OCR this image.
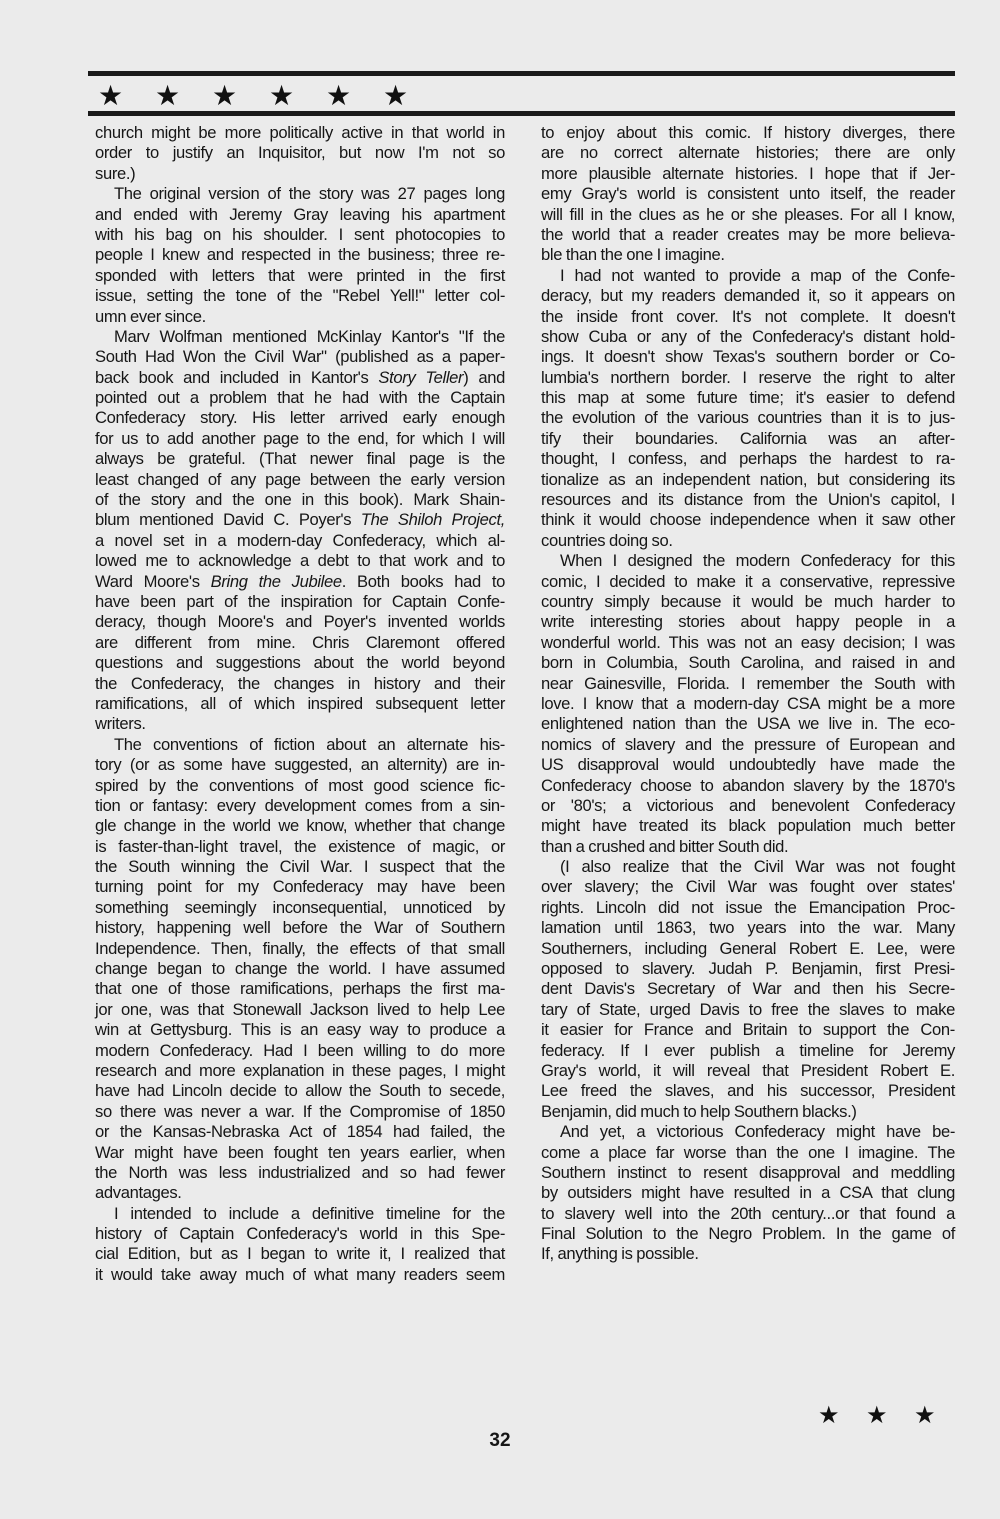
★	★	★	★	★	★
church might be more politically active in that world in
order to justify an Inquisitor, but now I'm not so
sure.)
The original version of the story was 27 pages long
and ended with Jeremy Gray leaving his apartment
with his bag on his shoulder. I sent photocopies to
people I knew and respected in the business; three re-
sponded with letters that were printed in the first
issue, setting the tone of the "Rebel Yell!" letter col-
umn ever since.
Marv Wolfman mentioned McKinlay Kantor's "If the
South Had Won the Civil War" (published as a paper-
back book and included in Kantor's Story Teller) and
pointed out a problem that he had with the Captain
Confederacy story. His letter arrived early enough
for us to add another page to the end, for which I will
always be grateful. (That newer final page is the
least changed of any page between the early version
of the story and the one in this book). Mark Shain-
blum mentioned David C. Poyer's The Shiloh Project,
a novel set in a modern-day Confederacy, which al-
lowed me to acknowledge a debt to that work and to
Ward Moore's Bring the Jubilee. Both books had to
have been part of the inspiration for Captain Confe-
deracy, though Moore's and Poyer's invented worlds
are different from mine. Chris Claremont offered
questions and suggestions about the world beyond
the Confederacy, the changes in history and their
ramifications, all of which inspired subsequent letter
writers.
The conventions of fiction about an alternate his-
tory (or as some have suggested, an alternity) are in-
spired by the conventions of most good science fic-
tion or fantasy: every development comes from a sin-
gle change in the world we know, whether that change
is faster-than-light travel, the existence of magic, or
the South winning the Civil War. I suspect that the
turning point for my Confederacy may have been
something seemingly inconsequential, unnoticed by
history, happening well before the War of Southern
Independence. Then, finally, the effects of that small
change began to change the world. I have assumed
that one of those ramifications, perhaps the first ma-
jor one, was that Stonewall Jackson lived to help Lee
win at Gettysburg. This is an easy way to produce a
modern Confederacy. Had I been willing to do more
research and more explanation in these pages, I might
have had Lincoln decide to allow the South to secede,
so there was never a war. If the Compromise of 1850
or the Kansas-Nebraska Act of 1854 had failed, the
War might have been fought ten years earlier, when
the North was less industrialized and so had fewer
advantages.
I intended to include a definitive timeline for the
history of Captain Confederacy's world in this Spe-
cial Edition, but as I began to write it, I realized that
it would take away much of what many readers seem
to enjoy about this comic. If history diverges, there
are no correct alternate histories; there are only
more plausible alternate histories. I hope that if Jer-
emy Gray's world is consistent unto itself, the reader
will fill in the clues as he or she pleases. For all I know,
the world that a reader creates may be more believa-
ble than the one I imagine.
I had not wanted to provide a map of the Confe-
deracy, but my readers demanded it, so it appears on
the inside front cover. It's not complete. It doesn't
show Cuba or any of the Confederacy's distant hold-
ings. It doesn't show Texas's southern border or Co-
lumbia's northern border. I reserve the right to alter
this map at some future time; it's easier to defend
the evolution of the various countries than it is to jus-
tify their boundaries. California was an after-
thought, I confess, and perhaps the hardest to ra-
tionalize as an independent nation, but considering its
resources and its distance from the Union's capitol, I
think it would choose independence when it saw other
countries doing so.
When I designed the modern Confederacy for this
comic, I decided to make it a conservative, repressive
country simply because it would be much harder to
write interesting stories about happy people in a
wonderful world. This was not an easy decision; I was
born in Columbia, South Carolina, and raised in and
near Gainesville, Florida. I remember the South with
love. I know that a modern-day CSA might be a more
enlightened nation than the USA we live in. The eco-
nomics of slavery and the pressure of European and
US disapproval would undoubtedly have made the
Confederacy choose to abandon slavery by the 1870's
or '80's; a victorious and benevolent Confederacy
might have treated its black population much better
than a crushed and bitter South did.
(I also realize that the Civil War was not fought
over slavery; the Civil War was fought over states'
rights. Lincoln did not issue the Emancipation Proc-
lamation until 1863, two years into the war. Many
Southerners, including General Robert E. Lee, were
opposed to slavery. Judah P. Benjamin, first Presi-
dent Davis's Secretary of War and then his Secre-
tary of State, urged Davis to free the slaves to make
it easier for France and Britain to support the Con-
federacy. If I ever publish a timeline for Jeremy
Gray's world, it will reveal that President Robert E.
Lee freed the slaves, and his successor, President
Benjamin, did much to help Southern blacks.)
And yet, a victorious Confederacy might have be-
come a place far worse than the one I imagine. The
Southern instinct to resent disapproval and meddling
by outsiders might have resulted in a CSA that clung
to slavery well into the 20th century...or that found a
Final Solution to the Negro Problem. In the game of
If, anything is possible.
★	★	★
32
